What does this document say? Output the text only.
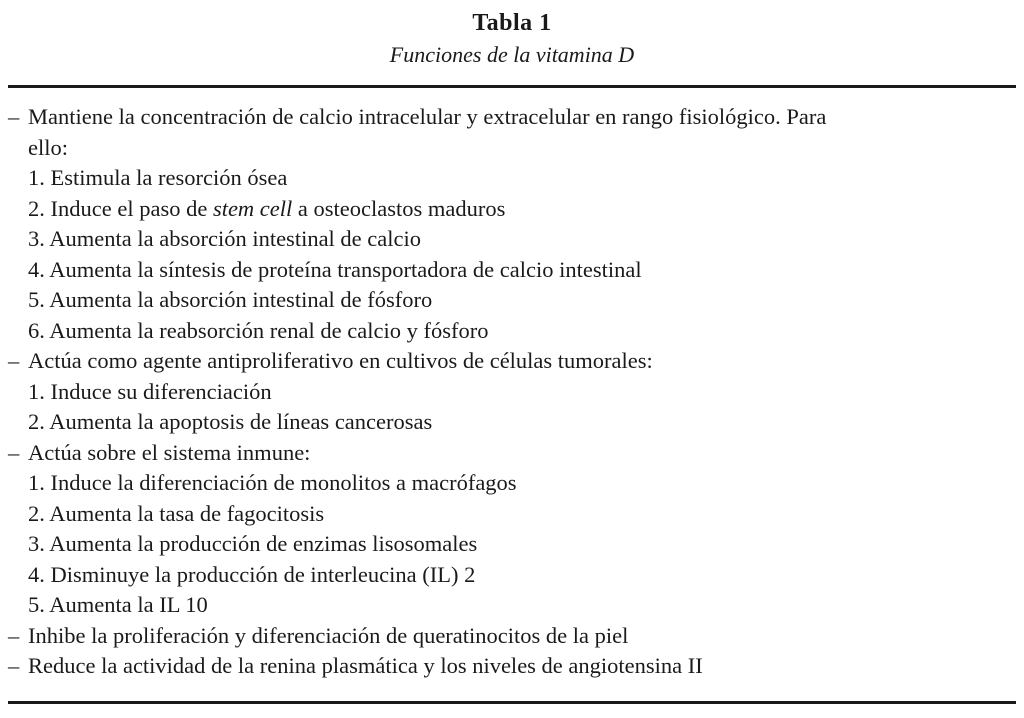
Tabla 1
Funciones de la vitamina D
– Mantiene la concentración de calcio intracelular y extracelular en rango fisiológico. Para
ello:
1. Estimula la resorción ósea
2. Induce el paso de stem cell a osteoclastos maduros
3. Aumenta la absorción intestinal de calcio
4. Aumenta la síntesis de proteína transportadora de calcio intestinal
5. Aumenta la absorción intestinal de fósforo
6. Aumenta la reabsorción renal de calcio y fósforo
– Actúa como agente antiproliferativo en cultivos de células tumorales:
1. Induce su diferenciación
2. Aumenta la apoptosis de líneas cancerosas
– Actúa sobre el sistema inmune:
1. Induce la diferenciación de monolitos a macrófagos
2. Aumenta la tasa de fagocitosis
3. Aumenta la producción de enzimas lisosomales
4. Disminuye la producción de interleucina (IL) 2
5. Aumenta la IL 10
– Inhibe la proliferación y diferenciación de queratinocitos de la piel
– Reduce la actividad de la renina plasmática y los niveles de angiotensina II
